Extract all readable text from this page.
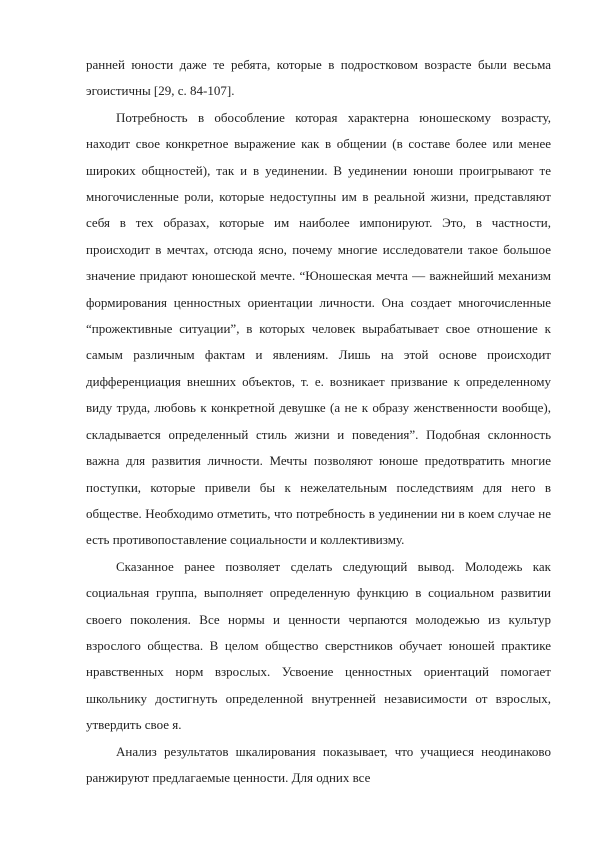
ранней юности даже те ребята, которые в подростковом возрасте были весьма эгоистичны [29, с. 84-107].

Потребность в обособление которая характерна юношескому возрасту, находит свое конкретное выражение как в общении (в составе более или менее широких общностей), так и в уединении. В уединении юноши проигрывают те многочисленные роли, которые недоступны им в реальной жизни, представляют себя в тех образах, которые им наиболее импонируют. Это, в частности, происходит в мечтах, отсюда ясно, почему многие исследователи такое большое значение придают юношеской мечте. “Юношеская мечта — важнейший механизм формирования ценностных ориентации личности. Она создает многочисленные “прожективные ситуации”, в которых человек вырабатывает свое отношение к самым различным фактам и явлениям. Лишь на этой основе происходит дифференциация внешних объектов, т. е. возникает призвание к определенному виду труда, любовь к конкретной девушке (а не к образу женственности вообще), складывается определенный стиль жизни и поведения”. Подобная склонность важна для развития личности. Мечты позволяют юноше предотвратить многие поступки, которые привели бы к нежелательным последствиям для него в обществе. Необходимо отметить, что потребность в уединении ни в коем случае не есть противопоставление социальности и коллективизму.

Сказанное ранее позволяет сделать следующий вывод. Молодежь как социальная группа, выполняет определенную функцию в социальном развитии своего поколения. Все нормы и ценности черпаются молодежью из культур взрослого общества. В целом общество сверстников обучает юношей практике нравственных норм взрослых. Усвоение ценностных ориентаций помогает школьнику достигнуть определенной внутренней независимости от взрослых, утвердить свое я.

Анализ результатов шкалирования показывает, что учащиеся неодинаково ранжируют предлагаемые ценности. Для одних все
